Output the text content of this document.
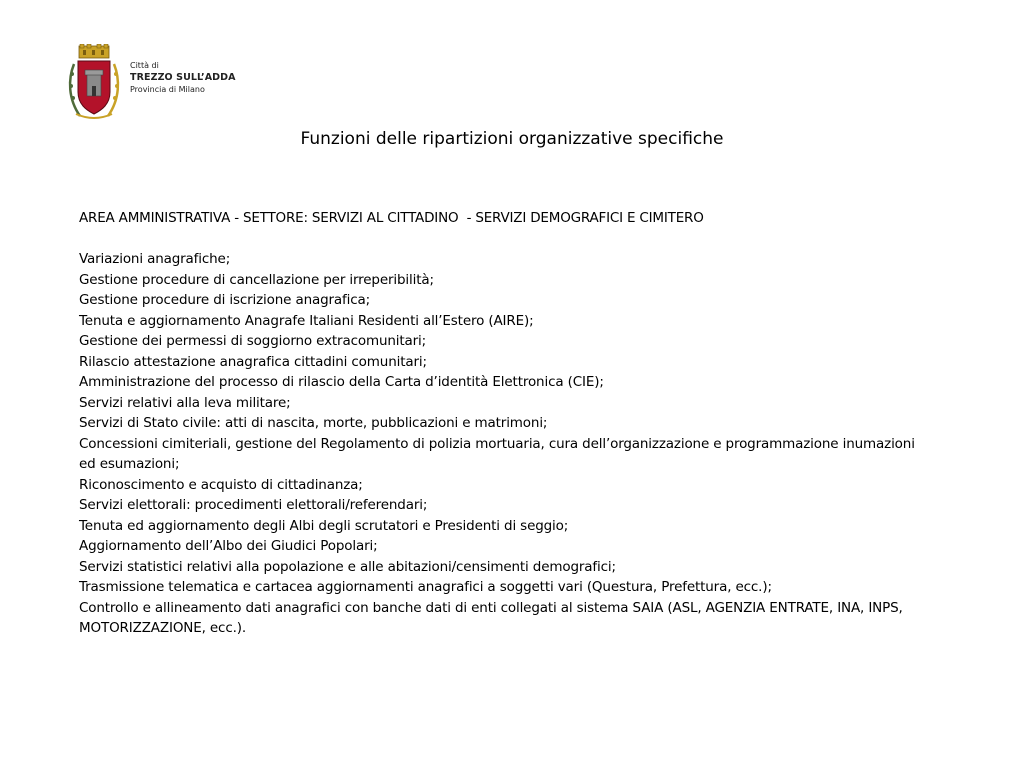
Città di
TREZZO SULL’ADDA
Provincia di Milano
Funzioni delle ripartizioni organizzative specifiche
AREA AMMINISTRATIVA - SETTORE: SERVIZI AL CITTADINO  - SERVIZI DEMOGRAFICI E CIMITERO
Variazioni anagrafiche;
Gestione procedure di cancellazione per irreperibilità;
Gestione procedure di iscrizione anagrafica;
Tenuta e aggiornamento Anagrafe Italiani Residenti all’Estero (AIRE);
Gestione dei permessi di soggiorno extracomunitari;
Rilascio attestazione anagrafica cittadini comunitari;
Amministrazione del processo di rilascio della Carta d’identità Elettronica (CIE);
Servizi relativi alla leva militare;
Servizi di Stato civile: atti di nascita, morte, pubblicazioni e matrimoni;
Concessioni cimiteriali, gestione del Regolamento di polizia mortuaria, cura dell’organizzazione e programmazione inumazioni ed esumazioni;
Riconoscimento e acquisto di cittadinanza;
Servizi elettorali: procedimenti elettorali/referendari;
Tenuta ed aggiornamento degli Albi degli scrutatori e Presidenti di seggio;
Aggiornamento dell’Albo dei Giudici Popolari;
Servizi statistici relativi alla popolazione e alle abitazioni/censimenti demografici;
Trasmissione telematica e cartacea aggiornamenti anagrafici a soggetti vari (Questura, Prefettura, ecc.);
Controllo e allineamento dati anagrafici con banche dati di enti collegati al sistema SAIA (ASL, AGENZIA ENTRATE, INA, INPS, MOTORIZZAZIONE, ecc.).
